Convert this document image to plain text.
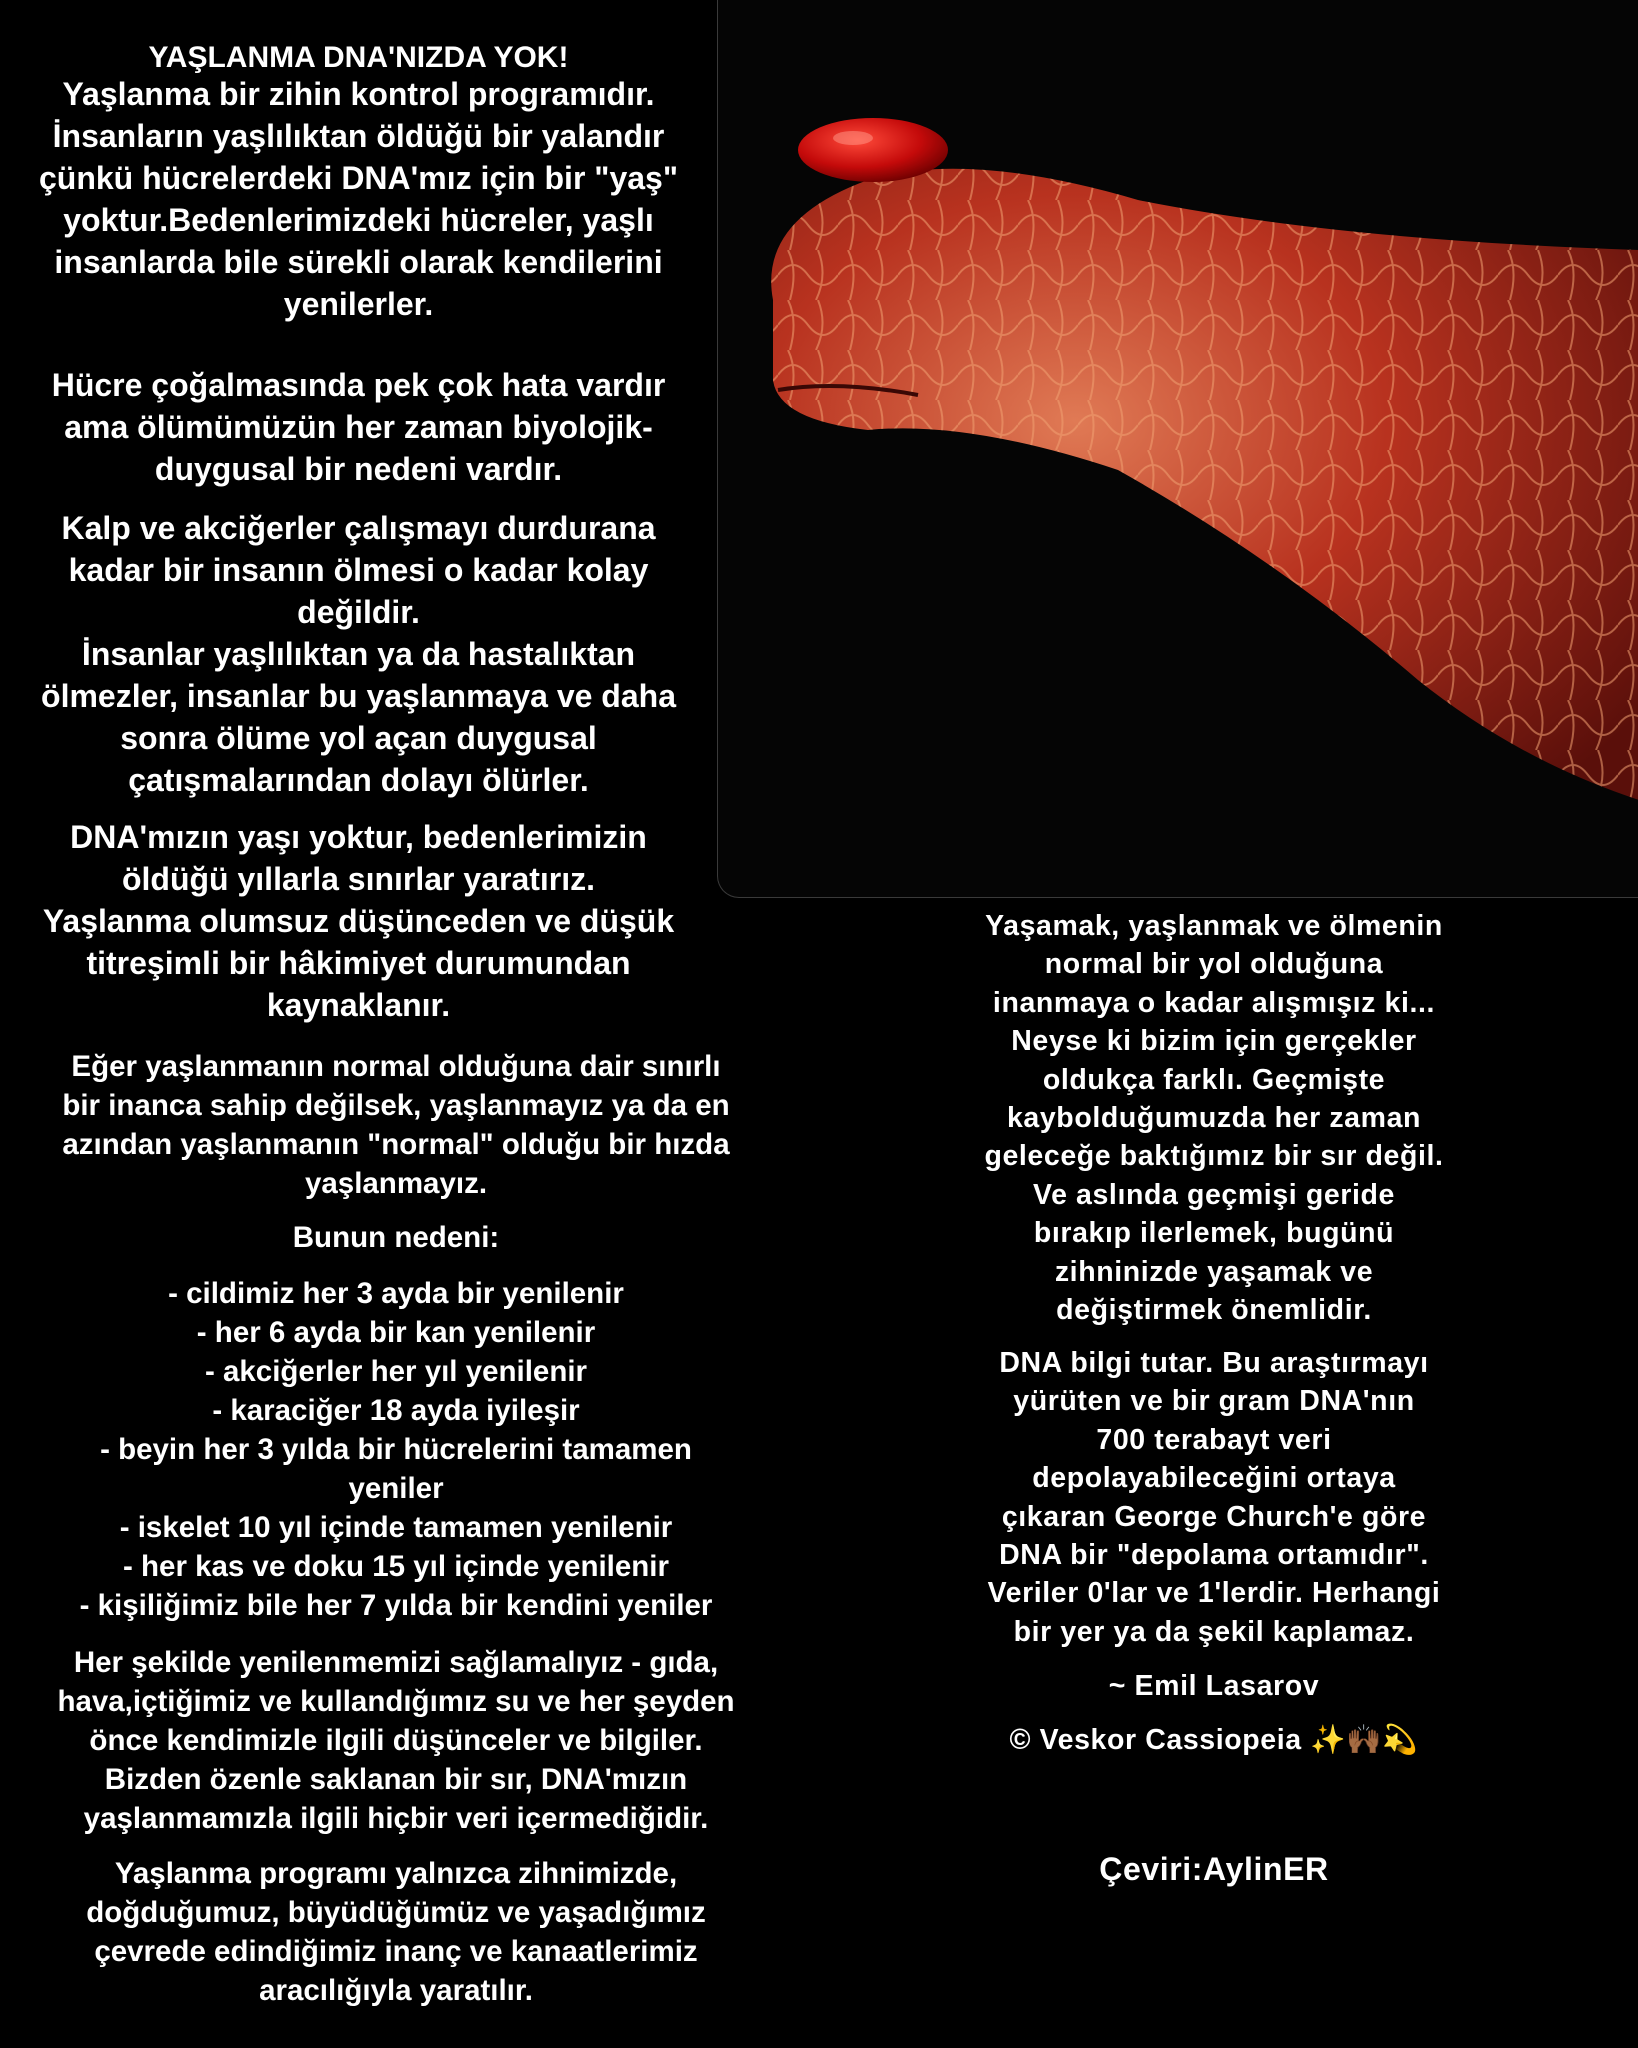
YAŞLANMA DNA'NIZDA YOK!
Yaşlanma bir zihin kontrol programıdır.
İnsanların yaşlılıktan öldüğü bir yalandır
çünkü hücrelerdeki DNA'mız için bir "yaş"
yoktur.Bedenlerimizdeki hücreler, yaşlı
insanlarda bile sürekli olarak kendilerini
yenilerler.
Hücre çoğalmasında pek çok hata vardır
ama ölümümüzün her zaman biyolojik-
duygusal bir nedeni vardır.
Kalp ve akciğerler çalışmayı durdurana
kadar bir insanın ölmesi o kadar kolay
değildir.
İnsanlar yaşlılıktan ya da hastalıktan
ölmezler, insanlar bu yaşlanmaya ve daha
sonra ölüme yol açan duygusal
çatışmalarından dolayı ölürler.
DNA'mızın yaşı yoktur, bedenlerimizin
öldüğü yıllarla sınırlar yaratırız.
Yaşlanma olumsuz düşünceden ve düşük
titreşimli bir hâkimiyet durumundan
kaynaklanır.
Eğer yaşlanmanın normal olduğuna dair sınırlı
bir inanca sahip değilsek, yaşlanmayız ya da en
azından yaşlanmanın "normal" olduğu bir hızda
yaşlanmayız.
Bunun nedeni:
- cildimiz her 3 ayda bir yenilenir
- her 6 ayda bir kan yenilenir
- akciğerler her yıl yenilenir
- karaciğer 18 ayda iyileşir
- beyin her 3 yılda bir hücrelerini tamamen
yeniler
- iskelet 10 yıl içinde tamamen yenilenir
- her kas ve doku 15 yıl içinde yenilenir
- kişiliğimiz bile her 7 yılda bir kendini yeniler
Her şekilde yenilenmemizi sağlamalıyız - gıda,
hava,içtiğimiz ve kullandığımız su ve her şeyden
önce kendimizle ilgili düşünceler ve bilgiler.
Bizden özenle saklanan bir sır, DNA'mızın
yaşlanmamızla ilgili hiçbir veri içermediğidir.
Yaşlanma programı yalnızca zihnimizde,
doğduğumuz, büyüdüğümüz ve yaşadığımız
çevrede edindiğimiz inanç ve kanaatlerimiz
aracılığıyla yaratılır.
Yaşamak, yaşlanmak ve ölmenin
normal bir yol olduğuna
inanmaya o kadar alışmışız ki...
Neyse ki bizim için gerçekler
oldukça farklı. Geçmişte
kaybolduğumuzda her zaman
geleceğe baktığımız bir sır değil.
Ve aslında geçmişi geride
bırakıp ilerlemek, bugünü
zihninizde yaşamak ve
değiştirmek önemlidir.
DNA bilgi tutar. Bu araştırmayı
yürüten ve bir gram DNA'nın
700 terabayt veri
depolayabileceğini ortaya
çıkaran George Church'e göre
DNA bir "depolama ortamıdır".
Veriler 0'lar ve 1'lerdir. Herhangi
bir yer ya da şekil kaplamaz.
~ Emil Lasarov
© Veskor Cassiopeia ✨🙌🏾💫
Çeviri:AylinER
